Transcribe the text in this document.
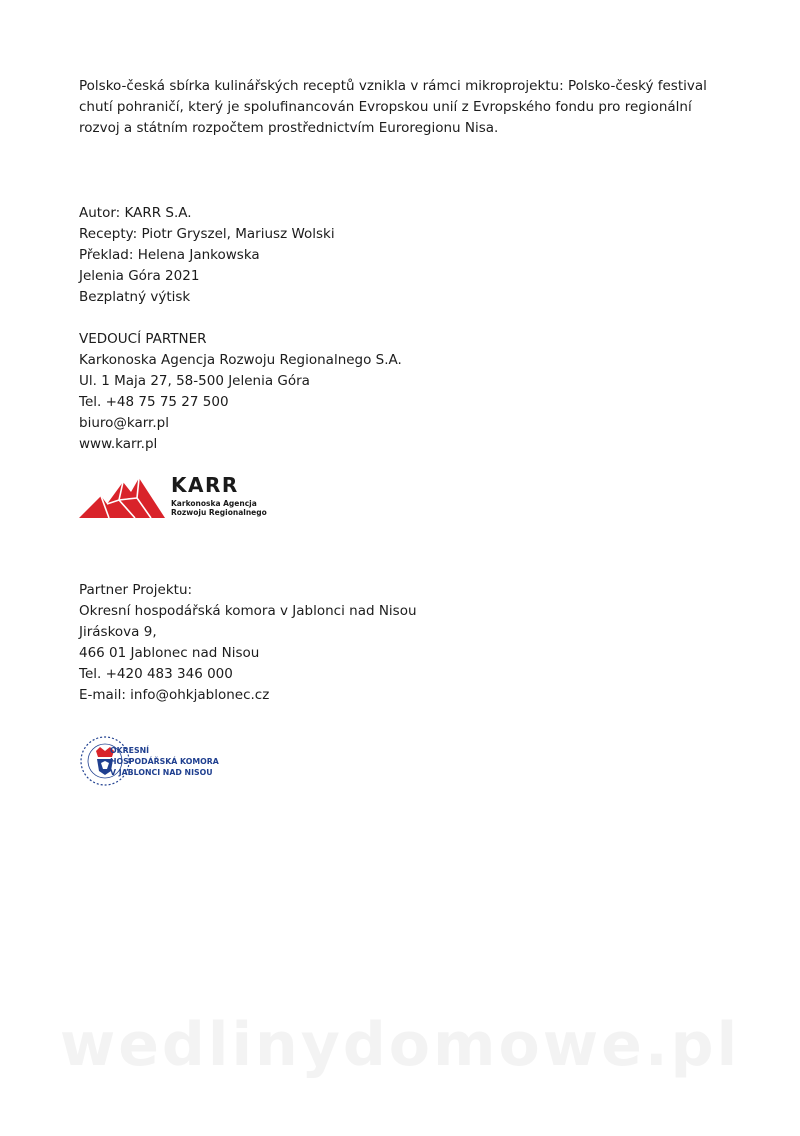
Polsko-česká sbírka kulinářských receptů vznikla v rámci mikroprojektu: Polsko-český festival chutí pohraničí, který je spolufinancován Evropskou unií z Evropského fondu pro regionální rozvoj a státním rozpočtem prostřednictvím Euroregionu Nisa.

Autor: KARR S.A.
Recepty: Piotr Gryszel, Mariusz Wolski
Překlad: Helena Jankowska
Jelenia Góra 2021
Bezplatný výtisk
VEDOUCÍ PARTNER
Karkonoska Agencja Rozwoju Regionalnego S.A.
Ul. 1 Maja 27, 58-500 Jelenia Góra
Tel. +48 75 75 27 500
biuro@karr.pl
www.karr.pl
KARR
Karkonoska Agencja
Rozwoju Regionalnego
Partner Projektu:
Okresní hospodářská komora v Jablonci nad Nisou
Jiráskova 9,
466 01 Jablonec nad Nisou
Tel. +420 483 346 000
E-mail: info@ohkjablonec.cz
OKRESNÍ
HOSPODÁŘSKÁ KOMORA
V JABLONCI NAD NISOU
wedlinydomowe.pl
